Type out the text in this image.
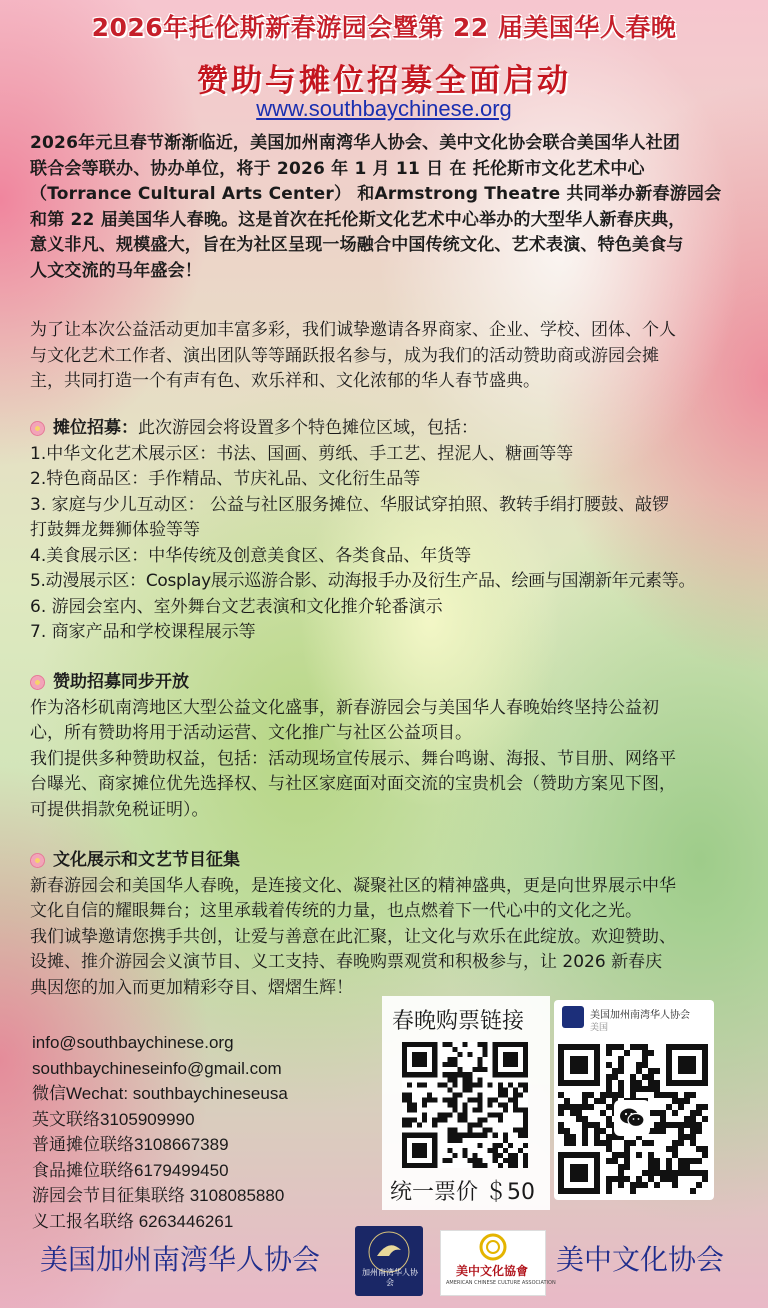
2026年托伦斯新春游园会暨第 22 届美国华人春晚
赞助与摊位招募全面启动
www.southbaychinese.org
2026年元旦春节渐渐临近，美国加州南湾华人协会、美中文化协会联合美国华人社团
联合会等联办、协办单位，将于 2026 年 1 月 11 日 在 托伦斯市文化艺术中心
（Torrance Cultural Arts Center） 和Armstrong Theatre 共同举办新春游园会
和第 22 届美国华人春晚。这是首次在托伦斯文化艺术中心举办的大型华人新春庆典，
意义非凡、规模盛大，旨在为社区呈现一场融合中国传统文化、艺术表演、特色美食与
人文交流的马年盛会！
为了让本次公益活动更加丰富多彩，我们诚挚邀请各界商家、企业、学校、团体、个人
与文化艺术工作者、演出团队等等踊跃报名参与，成为我们的活动赞助商或游园会摊
主，共同打造一个有声有色、欢乐祥和、文化浓郁的华人春节盛典。
摊位招募： 此次游园会将设置多个特色摊位区域，包括：
1.中华文化艺术展示区：书法、国画、剪纸、手工艺、捏泥人、糖画等等
2.特色商品区：手作精品、节庆礼品、文化衍生品等
3. 家庭与少儿互动区： 公益与社区服务摊位、华服试穿拍照、教转手绢打腰鼓、敲锣
打鼓舞龙舞狮体验等等
4.美食展示区：中华传统及创意美食区、各类食品、年货等
5.动漫展示区：Cosplay展示巡游合影、动海报手办及衍生产品、绘画与国潮新年元素等。
6. 游园会室内、室外舞台文艺表演和文化推介轮番演示
7. 商家产品和学校课程展示等
赞助招募同步开放
作为洛杉矶南湾地区大型公益文化盛事，新春游园会与美国华人春晚始终坚持公益初
心，所有赞助将用于活动运营、文化推广与社区公益项目。
我们提供多种赞助权益，包括：活动现场宣传展示、舞台鸣谢、海报、节目册、网络平
台曝光、商家摊位优先选择权、与社区家庭面对面交流的宝贵机会（赞助方案见下图，
可提供捐款免税证明）。
文化展示和文艺节目征集
新春游园会和美国华人春晚，是连接文化、凝聚社区的精神盛典，更是向世界展示中华
文化自信的耀眼舞台；这里承载着传统的力量，也点燃着下一代心中的文化之光。
我们诚挚邀请您携手共创，让爱与善意在此汇聚，让文化与欢乐在此绽放。欢迎赞助、
设摊、推介游园会义演节目、义工支持、春晚购票观赏和积极参与，让 2026 新春庆
典因您的加入而更加精彩夺目、熠熠生辉！
info@southbaychinese.org
southbaychineseinfo@gmail.com
微信Wechat: southbaychineseusa
英文联络3105909990
普通摊位联络3108667389
食品摊位联络6179499450
游园会节目征集联络 3108085880
义工报名联络 6263446261
春晚购票链接
统一票价 ＄50
美国加州南湾华人协会
美国
美国加州南湾华人协会	加州南湾华人协会
美中文化協會
AMERICAN CHINESE CULTURE ASSOCIATION
美中文化协会
